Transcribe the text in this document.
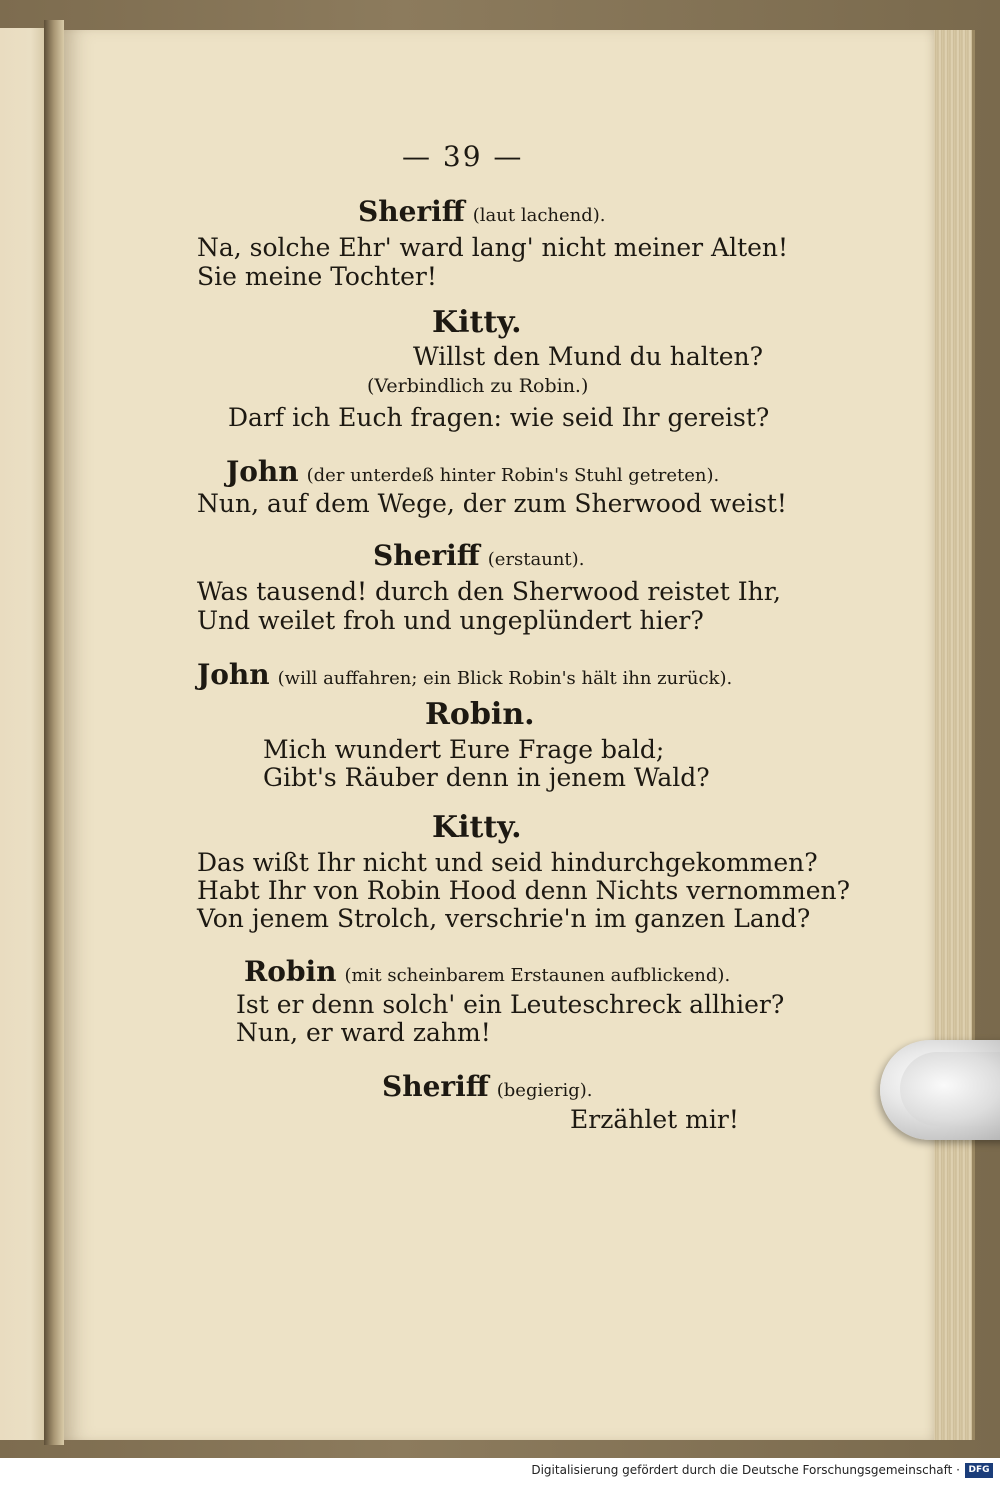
— 39 —
Sheriff (laut lachend).
Na, solche Ehr' ward lang' nicht meiner Alten!
Sie meine Tochter!
Kitty.
Willst den Mund du halten?
(Verbindlich zu Robin.)
Darf ich Euch fragen: wie seid Ihr gereist?
John (der unterdeß hinter Robin's Stuhl getreten).
Nun, auf dem Wege, der zum Sherwood weist!
Sheriff (erstaunt).
Was tausend! durch den Sherwood reistet Ihr,
Und weilet froh und ungeplündert hier?
John (will auffahren; ein Blick Robin's hält ihn zurück).
Robin.
Mich wundert Eure Frage bald;
Gibt's Räuber denn in jenem Wald?
Kitty.
Das wißt Ihr nicht und seid hindurchgekommen?
Habt Ihr von Robin Hood denn Nichts vernommen?
Von jenem Strolch, verschrie'n im ganzen Land?
Robin (mit scheinbarem Erstaunen aufblickend).
Ist er denn solch' ein Leuteschreck allhier?
Nun, er ward zahm!
Sheriff (begierig).
Erzählet mir!
Digitalisierung gefördert durch die Deutsche Forschungsgemeinschaft · DFG
